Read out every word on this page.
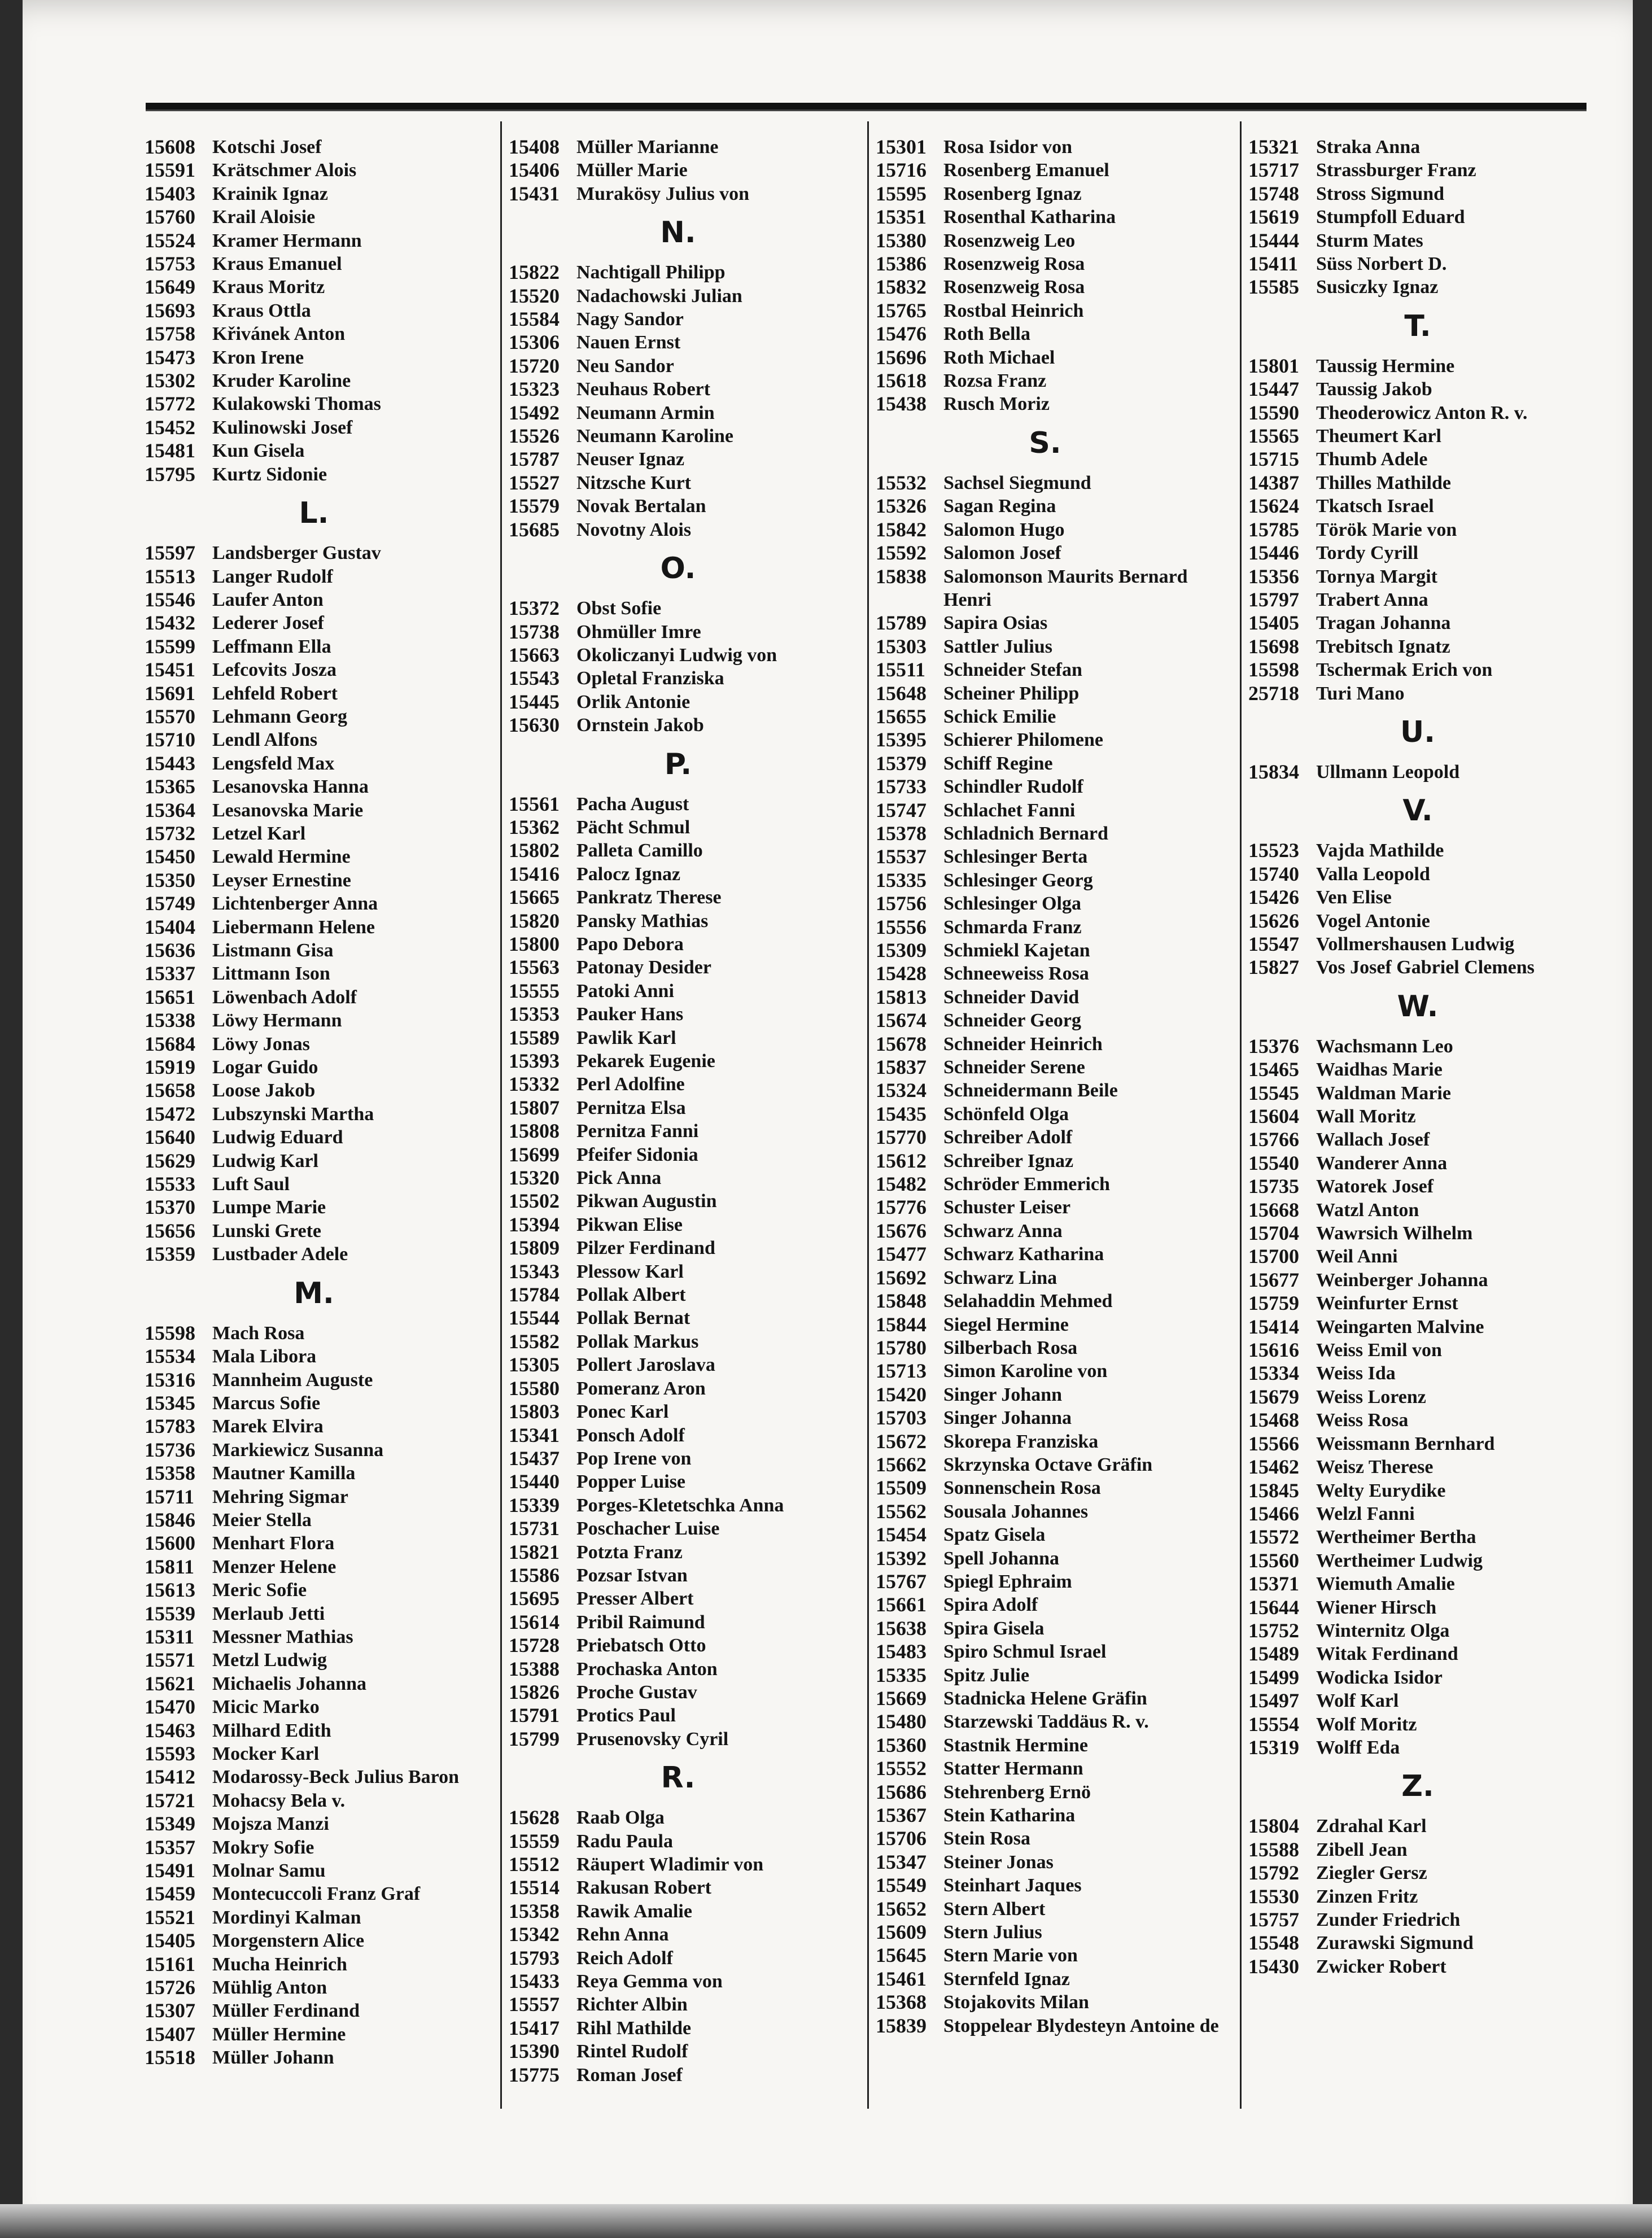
15608 Kotschi Josef
15591 Krätschmer Alois
15403 Krainik Ignaz
15760 Krail Aloisie
15524 Kramer Hermann
15753 Kraus Emanuel
15649 Kraus Moritz
15693 Kraus Ottla
15758 Křivánek Anton
15473 Kron Irene
15302 Kruder Karoline
15772 Kulakowski Thomas
15452 Kulinowski Josef
15481 Kun Gisela
15795 Kurtz Sidonie
L.
15597 Landsberger Gustav
15513 Langer Rudolf
15546 Laufer Anton
15432 Lederer Josef
15599 Leffmann Ella
15451 Lefcovits Josza
15691 Lehfeld Robert
15570 Lehmann Georg
15710 Lendl Alfons
15443 Lengsfeld Max
15365 Lesanovska Hanna
15364 Lesanovska Marie
15732 Letzel Karl
15450 Lewald Hermine
15350 Leyser Ernestine
15749 Lichtenberger Anna
15404 Liebermann Helene
15636 Listmann Gisa
15337 Littmann Ison
15651 Löwenbach Adolf
15338 Löwy Hermann
15684 Löwy Jonas
15919 Logar Guido
15658 Loose Jakob
15472 Lubszynski Martha
15640 Ludwig Eduard
15629 Ludwig Karl
15533 Luft Saul
15370 Lumpe Marie
15656 Lunski Grete
15359 Lustbader Adele
M.
15598 Mach Rosa
15534 Mala Libora
15316 Mannheim Auguste
15345 Marcus Sofie
15783 Marek Elvira
15736 Markiewicz Susanna
15358 Mautner Kamilla
15711 Mehring Sigmar
15846 Meier Stella
15600 Menhart Flora
15811 Menzer Helene
15613 Meric Sofie
15539 Merlaub Jetti
15311 Messner Mathias
15571 Metzl Ludwig
15621 Michaelis Johanna
15470 Micic Marko
15463 Milhard Edith
15593 Mocker Karl
15412 Modarossy-Beck Julius Baron
15721 Mohacsy Bela v.
15349 Mojsza Manzi
15357 Mokry Sofie
15491 Molnar Samu
15459 Montecuccoli Franz Graf
15521 Mordinyi Kalman
15405 Morgenstern Alice
15161 Mucha Heinrich
15726 Mühlig Anton
15307 Müller Ferdinand
15407 Müller Hermine
15518 Müller Johann
15408 Müller Marianne
15406 Müller Marie
15431 Murakösy Julius von
N.
15822 Nachtigall Philipp
15520 Nadachowski Julian
15584 Nagy Sandor
15306 Nauen Ernst
15720 Neu Sandor
15323 Neuhaus Robert
15492 Neumann Armin
15526 Neumann Karoline
15787 Neuser Ignaz
15527 Nitzsche Kurt
15579 Novak Bertalan
15685 Novotny Alois
O.
15372 Obst Sofie
15738 Ohmüller Imre
15663 Okoliczanyi Ludwig von
15543 Opletal Franziska
15445 Orlik Antonie
15630 Ornstein Jakob
P.
15561 Pacha August
15362 Pächt Schmul
15802 Palleta Camillo
15416 Palocz Ignaz
15665 Pankratz Therese
15820 Pansky Mathias
15800 Papo Debora
15563 Patonay Desider
15555 Patoki Anni
15353 Pauker Hans
15589 Pawlik Karl
15393 Pekarek Eugenie
15332 Perl Adolfine
15807 Pernitza Elsa
15808 Pernitza Fanni
15699 Pfeifer Sidonia
15320 Pick Anna
15502 Pikwan Augustin
15394 Pikwan Elise
15809 Pilzer Ferdinand
15343 Plessow Karl
15784 Pollak Albert
15544 Pollak Bernat
15582 Pollak Markus
15305 Pollert Jaroslava
15580 Pomeranz Aron
15803 Ponec Karl
15341 Ponsch Adolf
15437 Pop Irene von
15440 Popper Luise
15339 Porges-Kletetschka Anna
15731 Poschacher Luise
15821 Potzta Franz
15586 Pozsar Istvan
15695 Presser Albert
15614 Pribil Raimund
15728 Priebatsch Otto
15388 Prochaska Anton
15826 Proche Gustav
15791 Protics Paul
15799 Prusenovsky Cyril
R.
15628 Raab Olga
15559 Radu Paula
15512 Räupert Wladimir von
15514 Rakusan Robert
15358 Rawik Amalie
15342 Rehn Anna
15793 Reich Adolf
15433 Reya Gemma von
15557 Richter Albin
15417 Rihl Mathilde
15390 Rintel Rudolf
15775 Roman Josef
15301 Rosa Isidor von
15716 Rosenberg Emanuel
15595 Rosenberg Ignaz
15351 Rosenthal Katharina
15380 Rosenzweig Leo
15386 Rosenzweig Rosa
15832 Rosenzweig Rosa
15765 Rostbal Heinrich
15476 Roth Bella
15696 Roth Michael
15618 Rozsa Franz
15438 Rusch Moriz
S.
15532 Sachsel Siegmund
15326 Sagan Regina
15842 Salomon Hugo
15592 Salomon Josef
15838 Salomonson Maurits Bernard
Henri
15789 Sapira Osias
15303 Sattler Julius
15511 Schneider Stefan
15648 Scheiner Philipp
15655 Schick Emilie
15395 Schierer Philomene
15379 Schiff Regine
15733 Schindler Rudolf
15747 Schlachet Fanni
15378 Schladnich Bernard
15537 Schlesinger Berta
15335 Schlesinger Georg
15756 Schlesinger Olga
15556 Schmarda Franz
15309 Schmiekl Kajetan
15428 Schneeweiss Rosa
15813 Schneider David
15674 Schneider Georg
15678 Schneider Heinrich
15837 Schneider Serene
15324 Schneidermann Beile
15435 Schönfeld Olga
15770 Schreiber Adolf
15612 Schreiber Ignaz
15482 Schröder Emmerich
15776 Schuster Leiser
15676 Schwarz Anna
15477 Schwarz Katharina
15692 Schwarz Lina
15848 Selahaddin Mehmed
15844 Siegel Hermine
15780 Silberbach Rosa
15713 Simon Karoline von
15420 Singer Johann
15703 Singer Johanna
15672 Skorepa Franziska
15662 Skrzynska Octave Gräfin
15509 Sonnenschein Rosa
15562 Sousala Johannes
15454 Spatz Gisela
15392 Spell Johanna
15767 Spiegl Ephraim
15661 Spira Adolf
15638 Spira Gisela
15483 Spiro Schmul Israel
15335 Spitz Julie
15669 Stadnicka Helene Gräfin
15480 Starzewski Taddäus R. v.
15360 Stastnik Hermine
15552 Statter Hermann
15686 Stehrenberg Ernö
15367 Stein Katharina
15706 Stein Rosa
15347 Steiner Jonas
15549 Steinhart Jaques
15652 Stern Albert
15609 Stern Julius
15645 Stern Marie von
15461 Sternfeld Ignaz
15368 Stojakovits Milan
15839 Stoppelear Blydesteyn Antoine de
15321 Straka Anna
15717 Strassburger Franz
15748 Stross Sigmund
15619 Stumpfoll Eduard
15444 Sturm Mates
15411 Süss Norbert D.
15585 Susiczky Ignaz
T.
15801 Taussig Hermine
15447 Taussig Jakob
15590 Theoderowicz Anton R. v.
15565 Theumert Karl
15715 Thumb Adele
14387 Thilles Mathilde
15624 Tkatsch Israel
15785 Török Marie von
15446 Tordy Cyrill
15356 Tornya Margit
15797 Trabert Anna
15405 Tragan Johanna
15698 Trebitsch Ignatz
15598 Tschermak Erich von
25718 Turi Mano
U.
15834 Ullmann Leopold
V.
15523 Vajda Mathilde
15740 Valla Leopold
15426 Ven Elise
15626 Vogel Antonie
15547 Vollmershausen Ludwig
15827 Vos Josef Gabriel Clemens
W.
15376 Wachsmann Leo
15465 Waidhas Marie
15545 Waldman Marie
15604 Wall Moritz
15766 Wallach Josef
15540 Wanderer Anna
15735 Watorek Josef
15668 Watzl Anton
15704 Wawrsich Wilhelm
15700 Weil Anni
15677 Weinberger Johanna
15759 Weinfurter Ernst
15414 Weingarten Malvine
15616 Weiss Emil von
15334 Weiss Ida
15679 Weiss Lorenz
15468 Weiss Rosa
15566 Weissmann Bernhard
15462 Weisz Therese
15845 Welty Eurydike
15466 Welzl Fanni
15572 Wertheimer Bertha
15560 Wertheimer Ludwig
15371 Wiemuth Amalie
15644 Wiener Hirsch
15752 Winternitz Olga
15489 Witak Ferdinand
15499 Wodicka Isidor
15497 Wolf Karl
15554 Wolf Moritz
15319 Wolff Eda
Z.
15804 Zdrahal Karl
15588 Zibell Jean
15792 Ziegler Gersz
15530 Zinzen Fritz
15757 Zunder Friedrich
15548 Zurawski Sigmund
15430 Zwicker Robert
